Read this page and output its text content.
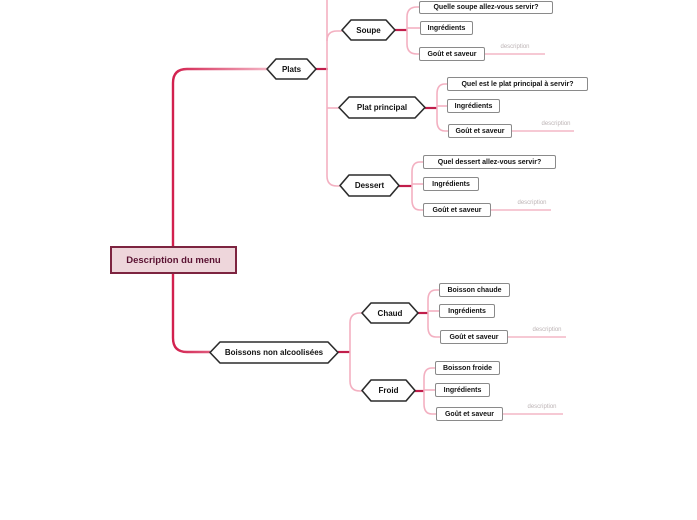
Description du menu
Plats
Soupe
Plat principal
Dessert
Boissons non alcoolisées
Chaud
Froid
Quelle soupe allez-vous servir?
Ingrédients
Goût et saveur
description
Quel est le plat principal à servir?
Ingrédients
Goût et saveur
description
Quel dessert allez-vous servir?
Ingrédients
Goût et saveur
description
Boisson chaude
Ingrédients
Goût et saveur
description
Boisson froide
Ingrédients
Goût et saveur
description
